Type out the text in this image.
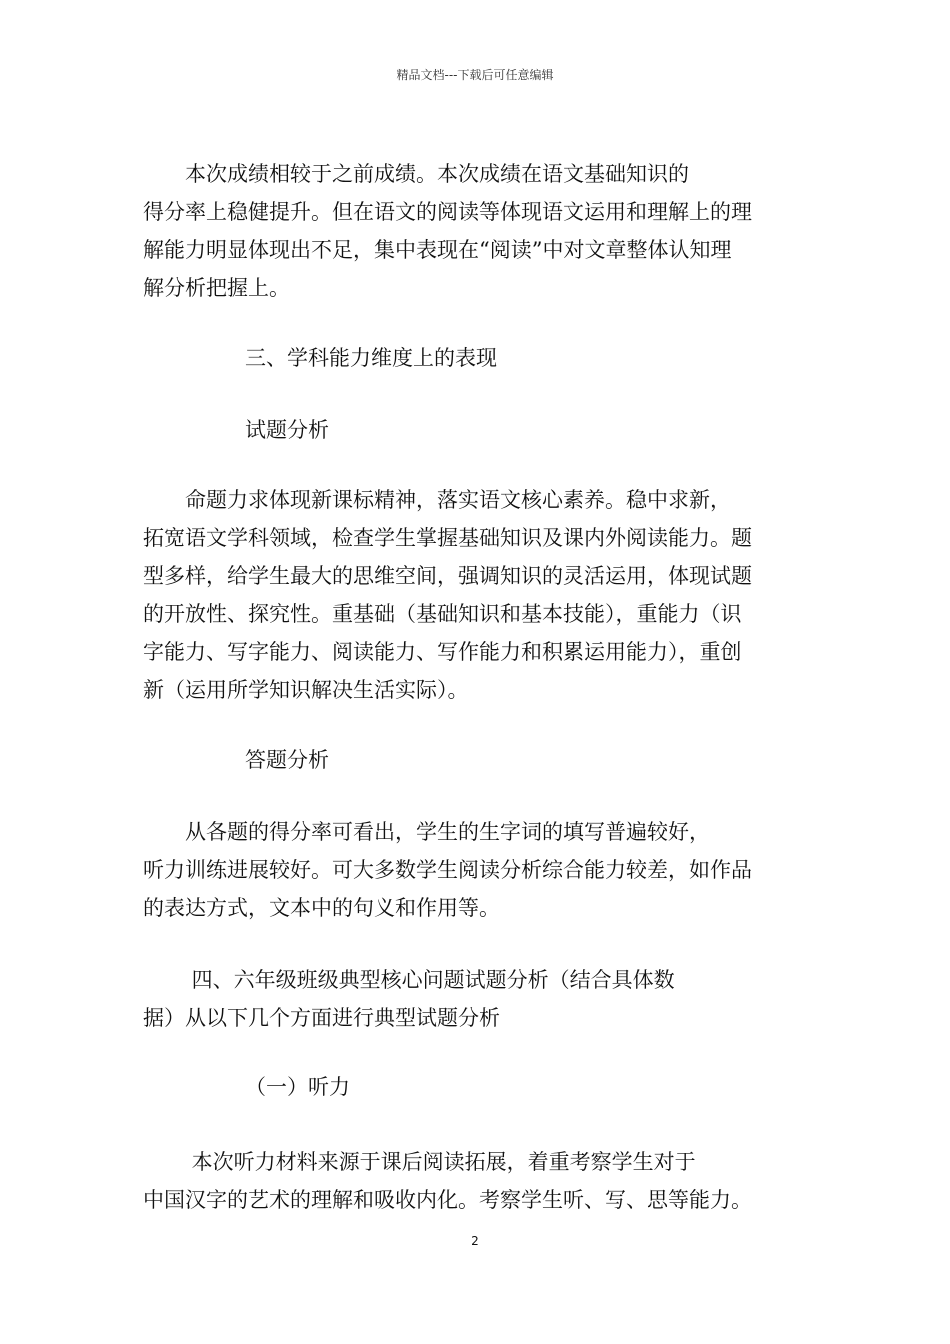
精品文档---下载后可任意编辑
　　本次成绩相较于之前成绩。本次成绩在语文基础知识的
得分率上稳健提升。但在语文的阅读等体现语文运用和理解上的理
解能力明显体现出不足，集中表现在“阅读”中对文章整体认知理
解分析把握上。
三、学科能力维度上的表现
试题分析
　　命题力求体现新课标精神，落实语文核心素养。稳中求新，
拓宽语文学科领域，检查学生掌握基础知识及课内外阅读能力。题
型多样，给学生最大的思维空间，强调知识的灵活运用，体现试题
的开放性、探究性。重基础（基础知识和基本技能），重能力（识
字能力、写字能力、阅读能力、写作能力和积累运用能力），重创
新（运用所学知识解决生活实际）。
答题分析
　　从各题的得分率可看出，学生的生字词的填写普遍较好，
听力训练进展较好。可大多数学生阅读分析综合能力较差，如作品
的表达方式，文本中的句义和作用等。
　　 四、六年级班级典型核心问题试题分析（结合具体数
据）从以下几个方面进行典型试题分析
（一）听力
　　 本次听力材料来源于课后阅读拓展，着重考察学生对于
中国汉字的艺术的理解和吸收内化。考察学生听、写、思等能力。
2
